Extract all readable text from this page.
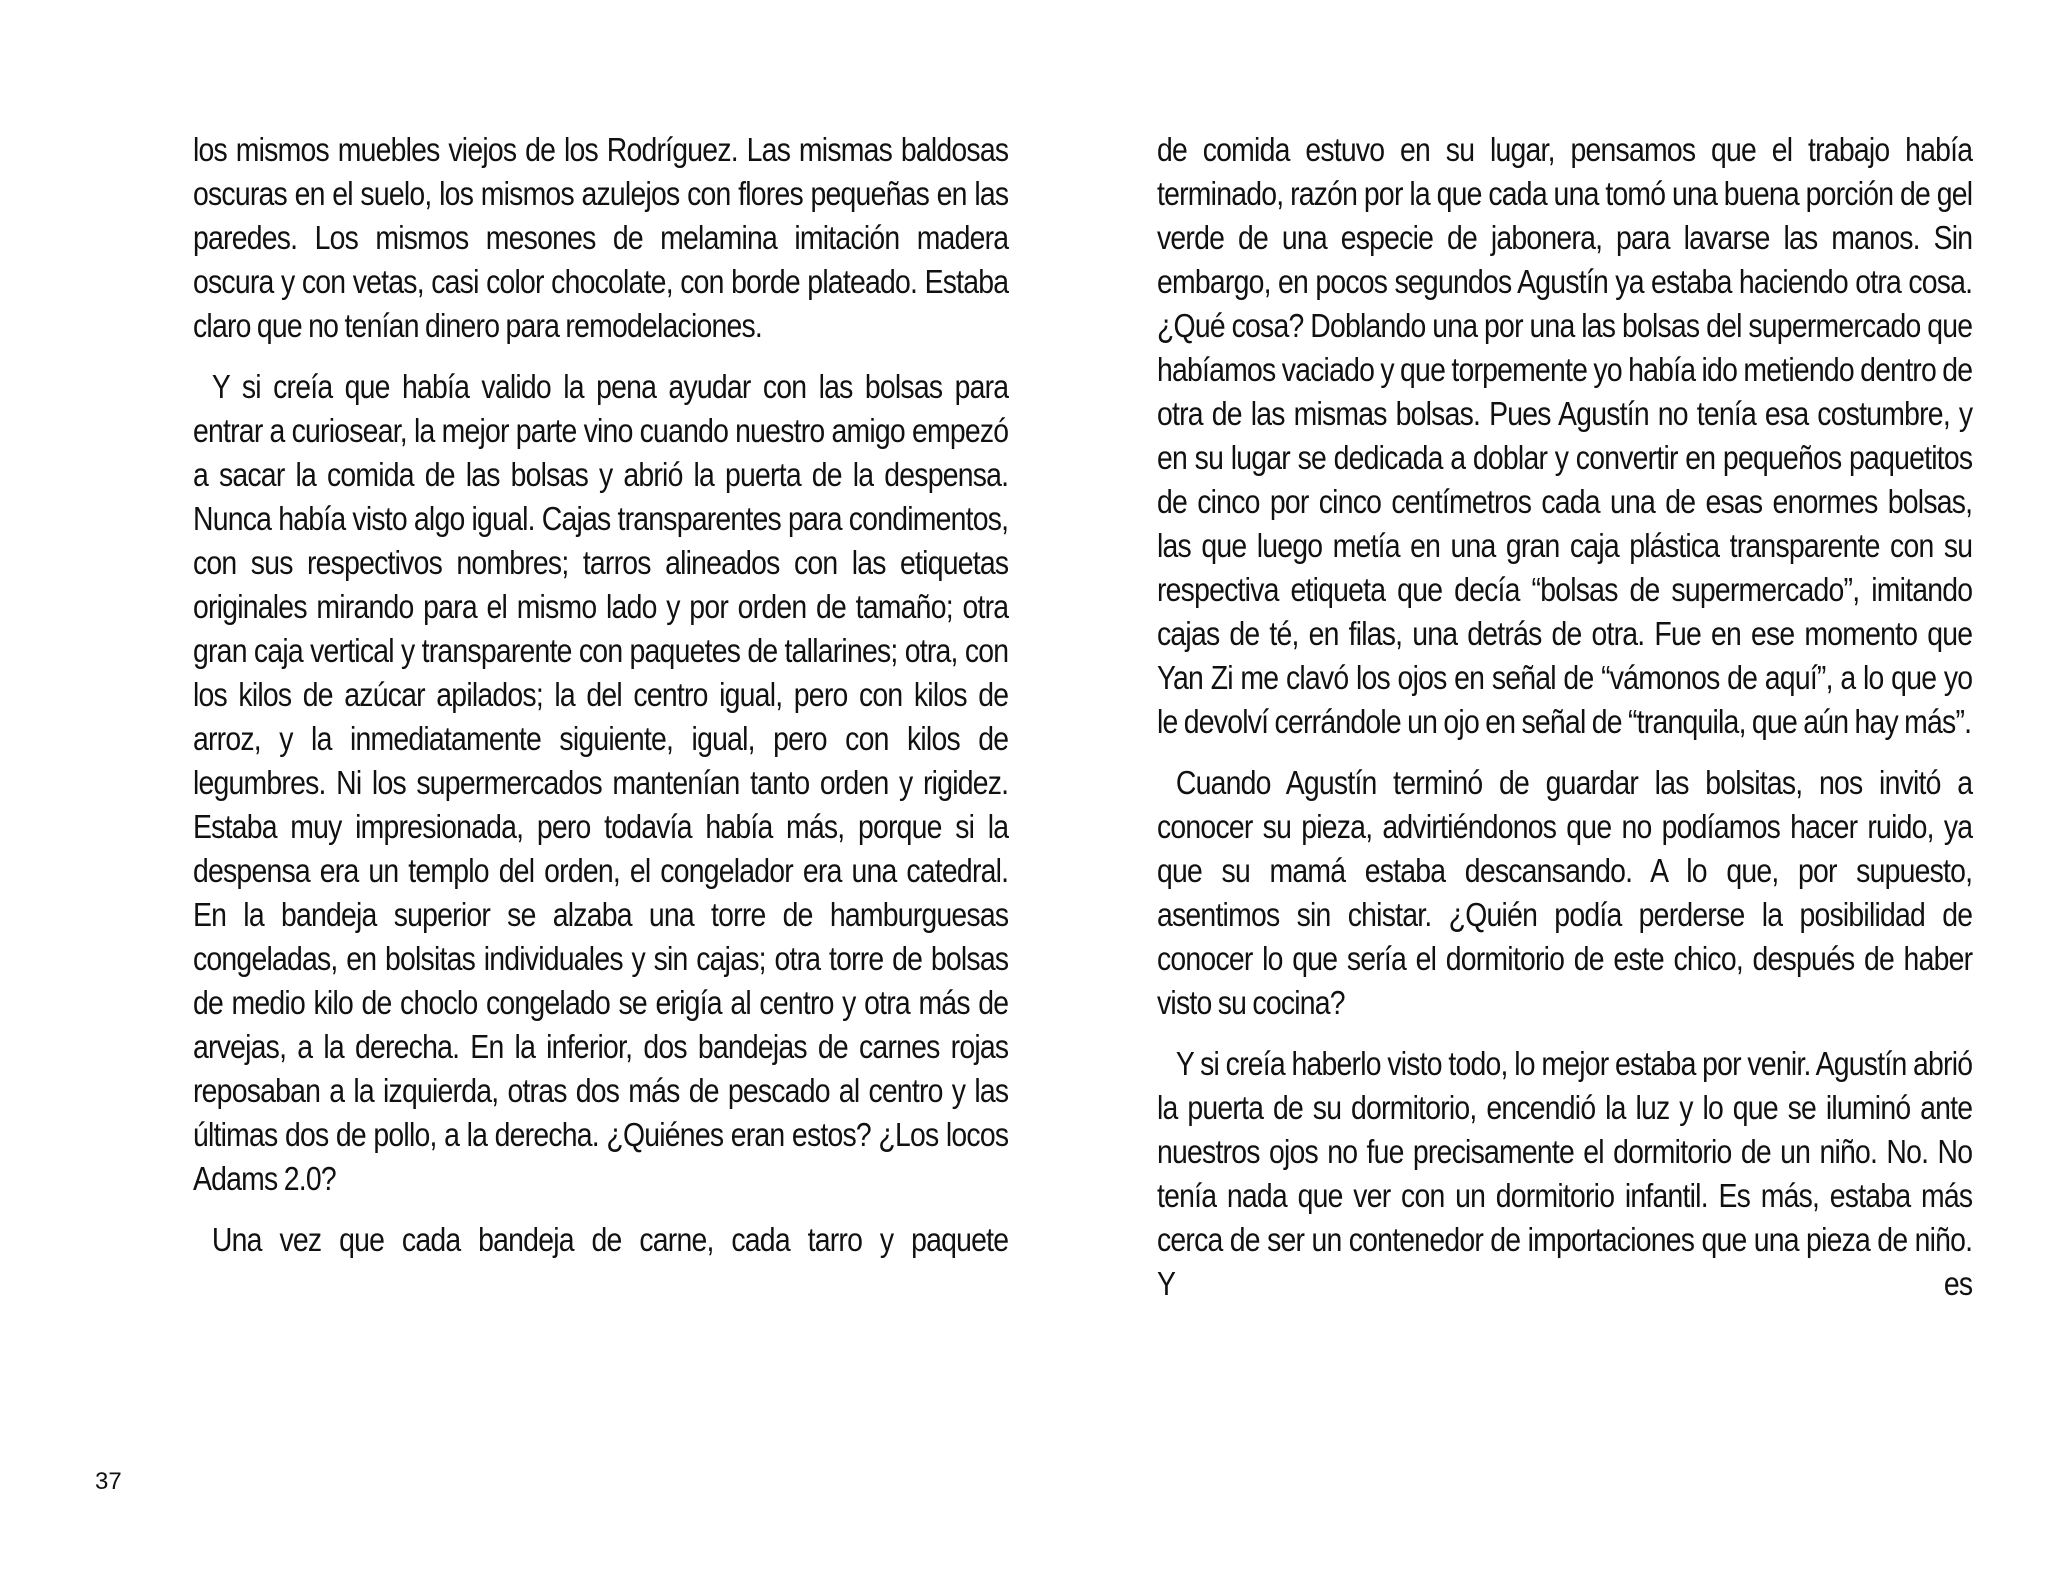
los mismos muebles viejos de los Rodríguez. Las mismas baldosas oscuras en el suelo, los mismos azulejos con flores pequeñas en las paredes. Los mismos mesones de melamina imitación madera oscura y con vetas, casi color chocolate, con borde plateado. Estaba claro que no tenían dinero para remodelaciones.

Y si creía que había valido la pena ayudar con las bolsas para entrar a curiosear, la mejor parte vino cuando nuestro amigo empezó a sacar la comida de las bolsas y abrió la puerta de la despensa. Nunca había visto algo igual. Cajas transparentes para condimentos, con sus respectivos nombres; tarros alineados con las etiquetas originales mirando para el mismo lado y por orden de tamaño; otra gran caja vertical y transparente con paquetes de tallarines; otra, con los kilos de azúcar apilados; la del centro igual, pero con kilos de arroz, y la inmediatamente siguiente, igual, pero con kilos de legumbres. Ni los supermercados mantenían tanto orden y rigidez. Estaba muy impresionada, pero todavía había más, porque si la despensa era un templo del orden, el congelador era una catedral. En la bandeja superior se alzaba una torre de hamburguesas congeladas, en bolsitas individuales y sin cajas; otra torre de bolsas de medio kilo de choclo congelado se erigía al centro y otra más de arvejas, a la derecha. En la inferior, dos bandejas de carnes rojas reposaban a la izquierda, otras dos más de pescado al centro y las últimas dos de pollo, a la derecha. ¿Quiénes eran estos? ¿Los locos Adams 2.0?

Una vez que cada bandeja de carne, cada tarro y paquete

de comida estuvo en su lugar, pensamos que el trabajo había terminado, razón por la que cada una tomó una buena porción de gel verde de una especie de jabonera, para lavarse las manos. Sin embargo, en pocos segundos Agustín ya estaba haciendo otra cosa. ¿Qué cosa? Doblando una por una las bolsas del supermercado que habíamos vaciado y que torpemente yo había ido metiendo dentro de otra de las mismas bolsas. Pues Agustín no tenía esa costumbre, y en su lugar se dedicada a doblar y convertir en pequeños paquetitos de cinco por cinco centímetros cada una de esas enormes bolsas, las que luego metía en una gran caja plástica transparente con su respectiva etiqueta que decía “bolsas de supermercado”, imitando cajas de té, en filas, una detrás de otra. Fue en ese momento que Yan Zi me clavó los ojos en señal de “vámonos de aquí”, a lo que yo le devolví cerrándole un ojo en señal de “tranquila, que aún hay más”.

Cuando Agustín terminó de guardar las bolsitas, nos invitó a conocer su pieza, advirtiéndonos que no podíamos hacer ruido, ya que su mamá estaba descansando. A lo que, por supuesto, asentimos sin chistar. ¿Quién podía perderse la posibilidad de conocer lo que sería el dormitorio de este chico, después de haber visto su cocina?

Y si creía haberlo visto todo, lo mejor estaba por venir. Agustín abrió la puerta de su dormitorio, encendió la luz y lo que se iluminó ante nuestros ojos no fue precisamente el dormitorio de un niño. No. No tenía nada que ver con un dormitorio infantil. Es más, estaba más cerca de ser un contenedor de importaciones que una pieza de niño. Y es

37
